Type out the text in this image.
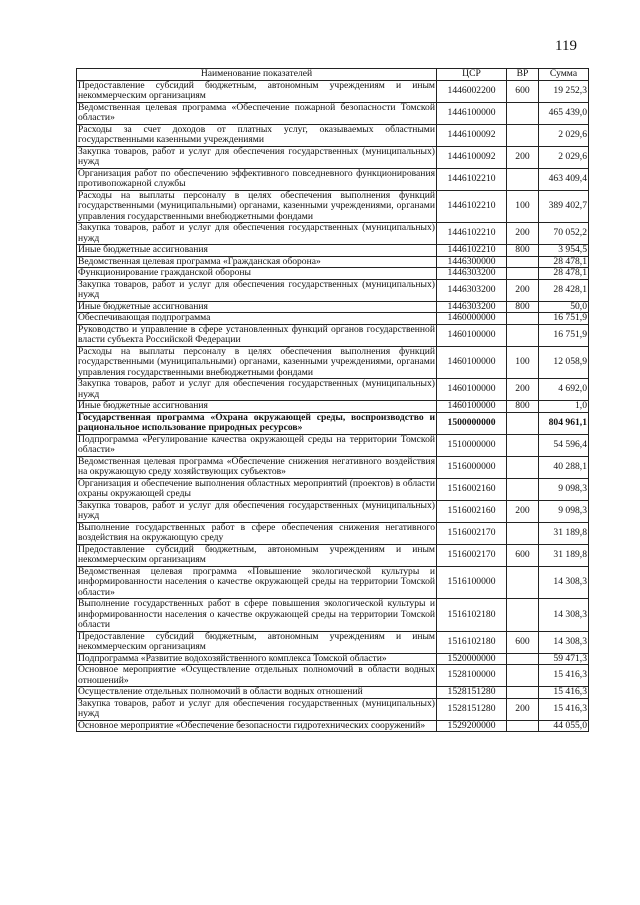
119
Наименование показателей	ЦСР	ВР	Сумма
Предоставление субсидий бюджетным, автономным учреждениям и иным некоммерческим организациям	1446002200	600	19 252,3
Ведомственная целевая программа «Обеспечение пожарной безопасности Томской области»	1446100000		465 439,0
Расходы за счет доходов от платных услуг, оказываемых областными государственными казенными учреждениями	1446100092		2 029,6
Закупка товаров, работ и услуг для обеспечения государственных (муниципальных) нужд	1446100092	200	2 029,6
Организация работ по обеспечению эффективного повседневного функционирования противопожарной службы	1446102210		463 409,4
Расходы на выплаты персоналу в целях обеспечения выполнения функций государственными (муниципальными) органами, казенными учреждениями, органами управления государственными внебюджетными фондами	1446102210	100	389 402,7
Закупка товаров, работ и услуг для обеспечения государственных (муниципальных) нужд	1446102210	200	70 052,2
Иные бюджетные ассигнования	1446102210	800	3 954,5
Ведомственная целевая программа «Гражданская оборона»	1446300000		28 478,1
Функционирование гражданской обороны	1446303200		28 478,1
Закупка товаров, работ и услуг для обеспечения государственных (муниципальных) нужд	1446303200	200	28 428,1
Иные бюджетные ассигнования	1446303200	800	50,0
Обеспечивающая подпрограмма	1460000000		16 751,9
Руководство и управление в сфере установленных функций органов государственной власти субъекта Российской Федерации	1460100000		16 751,9
Расходы на выплаты персоналу в целях обеспечения выполнения функций государственными (муниципальными) органами, казенными учреждениями, органами управления государственными внебюджетными фондами	1460100000	100	12 058,9
Закупка товаров, работ и услуг для обеспечения государственных (муниципальных) нужд	1460100000	200	4 692,0
Иные бюджетные ассигнования	1460100000	800	1,0
Государственная программа «Охрана окружающей среды, воспроизводство и рациональное использование природных ресурсов»	1500000000		804 961,1
Подпрограмма «Регулирование качества окружающей среды на территории Томской области»	1510000000		54 596,4
Ведомственная целевая программа «Обеспечение снижения негативного воздействия на окружающую среду хозяйствующих субъектов»	1516000000		40 288,1
Организация и обеспечение выполнения областных мероприятий (проектов) в области охраны окружающей среды	1516002160		9 098,3
Закупка товаров, работ и услуг для обеспечения государственных (муниципальных) нужд	1516002160	200	9 098,3
Выполнение государственных работ в сфере обеспечения снижения негативного воздействия на окружающую среду	1516002170		31 189,8
Предоставление субсидий бюджетным, автономным учреждениям и иным некоммерческим организациям	1516002170	600	31 189,8
Ведомственная целевая программа «Повышение экологической культуры и информированности населения о качестве окружающей среды на территории Томской области»	1516100000		14 308,3
Выполнение государственных работ в сфере повышения экологической культуры и информированности населения о качестве окружающей среды на территории Томской области	1516102180		14 308,3
Предоставление субсидий бюджетным, автономным учреждениям и иным некоммерческим организациям	1516102180	600	14 308,3
Подпрограмма «Развитие водохозяйственного комплекса Томской области»	1520000000		59 471,3
Основное мероприятие «Осуществление отдельных полномочий в области водных отношений»	1528100000		15 416,3
Осуществление отдельных полномочий в области водных отношений	1528151280		15 416,3
Закупка товаров, работ и услуг для обеспечения государственных (муниципальных) нужд	1528151280	200	15 416,3
Основное мероприятие «Обеспечение безопасности гидротехнических сооружений»	1529200000		44 055,0
